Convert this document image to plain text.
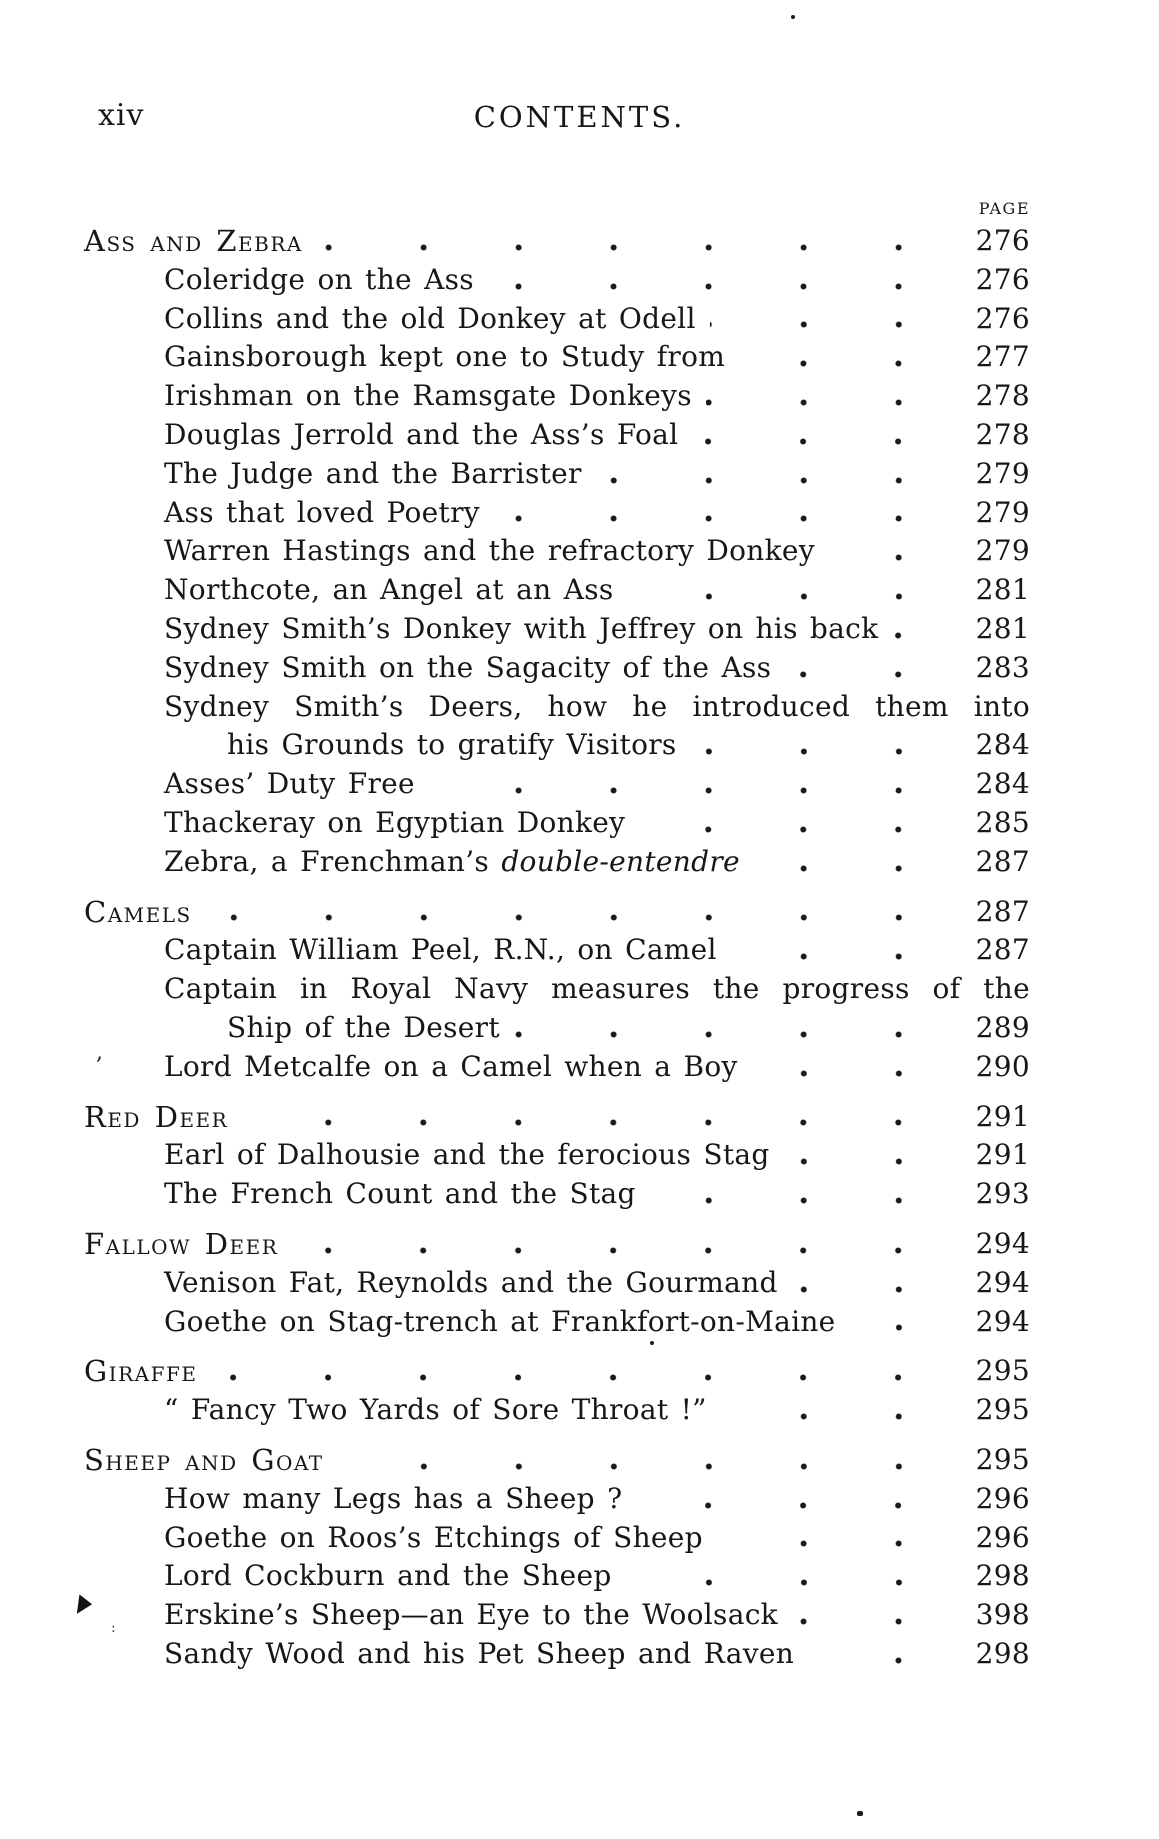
xiv	CONTENTS.
PAGE
Ass and Zebra	276
Coleridge on the Ass	276
Collins and the old Donkey at Odell	276
Gainsborough kept one to Study from	277
Irishman on the Ramsgate Donkeys	278
Douglas Jerrold and the Ass’s Foal	278
The Judge and the Barrister	279
Ass that loved Poetry	279
Warren Hastings and the refractory Donkey	279
Northcote, an Angel at an Ass	281
Sydney Smith’s Donkey with Jeffrey on his back	281
Sydney Smith on the Sagacity of the Ass	283
Sydney Smith’s Deers, how he introduced them into
his Grounds to gratify Visitors	284
Asses’ Duty Free	284
Thackeray on Egyptian Donkey	285
Zebra, a Frenchman’s double-entendre	287
Camels	287
Captain William Peel, R.N., on Camel	287
Captain in Royal Navy measures the progress of the
Ship of the Desert	289
Lord Metcalfe on a Camel when a Boy	290
Red Deer	291
Earl of Dalhousie and the ferocious Stag	291
The French Count and the Stag	293
Fallow Deer	294
Venison Fat, Reynolds and the Gourmand	294
Goethe on Stag-trench at Frankfort-on-Maine	294
Giraffe	295
“ Fancy Two Yards of Sore Throat !”	295
Sheep and Goat	295
How many Legs has a Sheep ?	296
Goethe on Roos’s Etchings of Sheep	296
Lord Cockburn and the Sheep	298
Erskine’s Sheep—an Eye to the Woolsack	398
Sandy Wood and his Pet Sheep and Raven	298
,
:
